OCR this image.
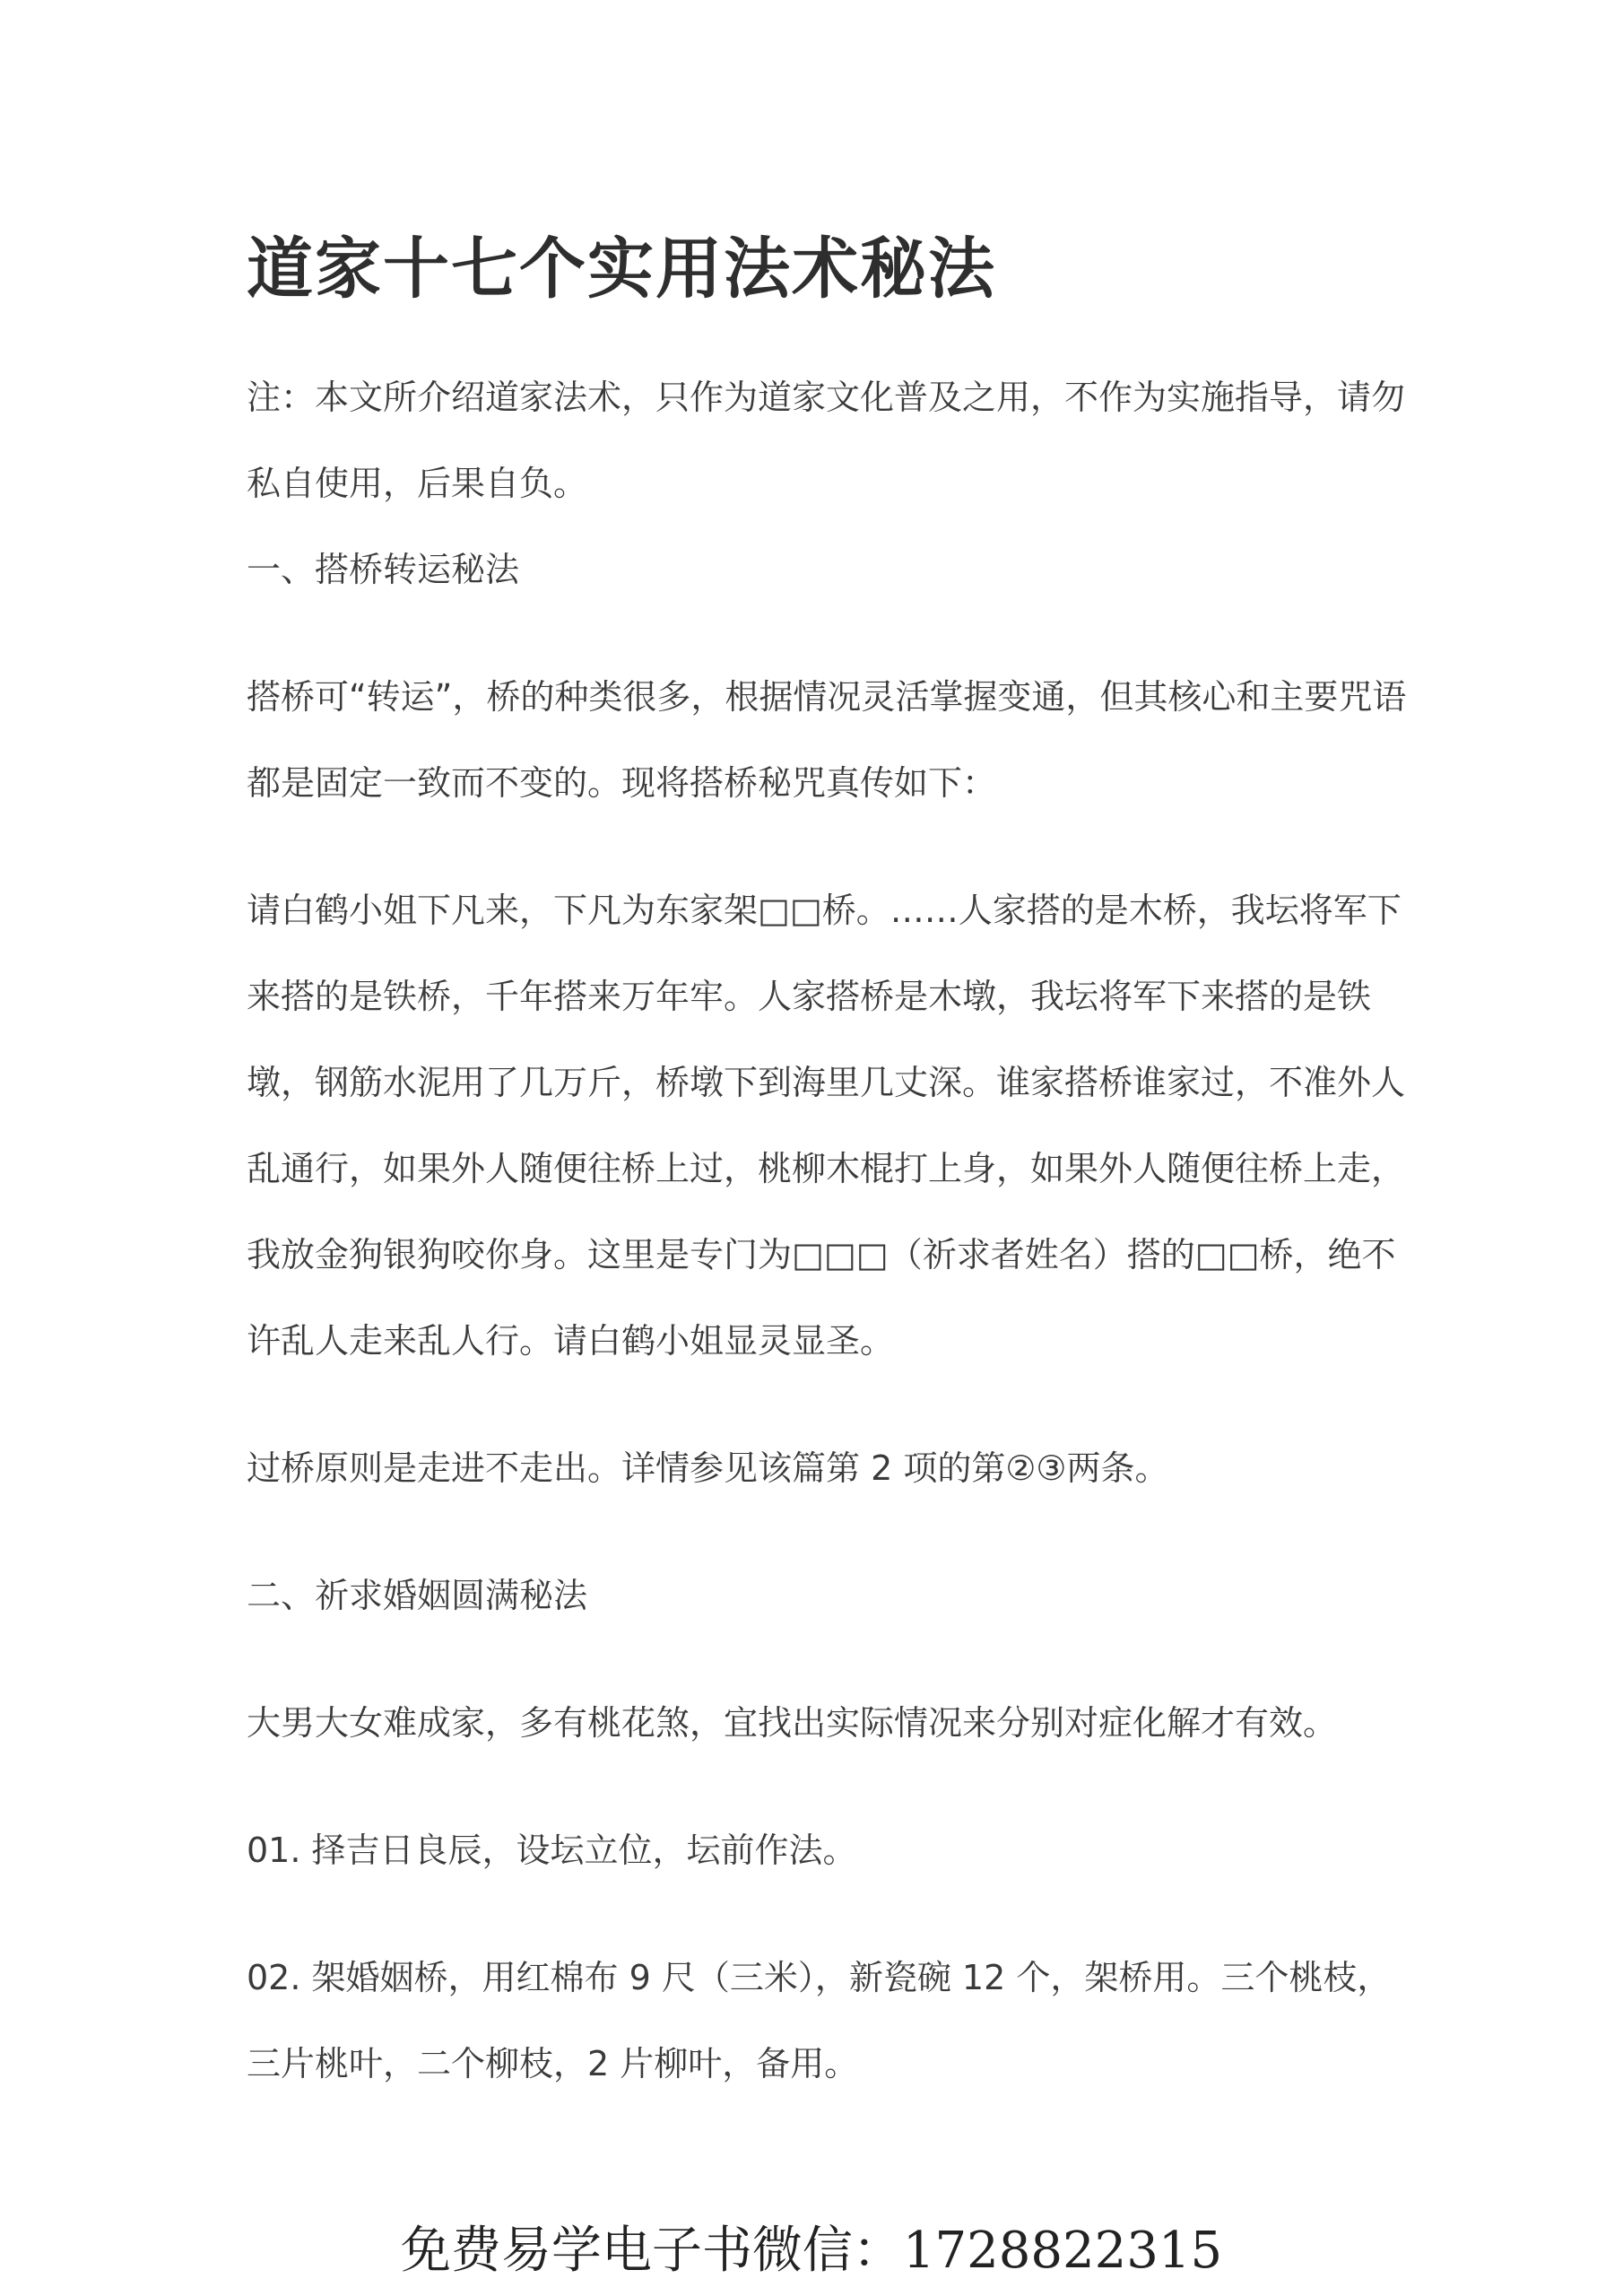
道家十七个实用法术秘法

注：本文所介绍道家法术，只作为道家文化普及之用，不作为实施指导，请勿私自使用，后果自负。

一、搭桥转运秘法

搭桥可“转运”，桥的种类很多，根据情况灵活掌握变通，但其核心和主要咒语都是固定一致而不变的。现将搭桥秘咒真传如下：

请白鹤小姐下凡来，下凡为东家架□□桥。……人家搭的是木桥，我坛将军下来搭的是铁桥，千年搭来万年牢。人家搭桥是木墩，我坛将军下来搭的是铁墩，钢筋水泥用了几万斤，桥墩下到海里几丈深。谁家搭桥谁家过，不准外人乱通行，如果外人随便往桥上过，桃柳木棍打上身，如果外人随便往桥上走，我放金狗银狗咬你身。这里是专门为□□□（祈求者姓名）搭的□□桥，绝不许乱人走来乱人行。请白鹤小姐显灵显圣。

过桥原则是走进不走出。详情参见该篇第 2 项的第②③两条。

二、祈求婚姻圆满秘法

大男大女难成家，多有桃花煞，宜找出实际情况来分别对症化解才有效。

01. 择吉日良辰，设坛立位，坛前作法。

02. 架婚姻桥，用红棉布 9 尺（三米），新瓷碗 12 个，架桥用。三个桃枝，三片桃叶，二个柳枝，2 片柳叶，备用。

免费易学电子书微信：1728822315
